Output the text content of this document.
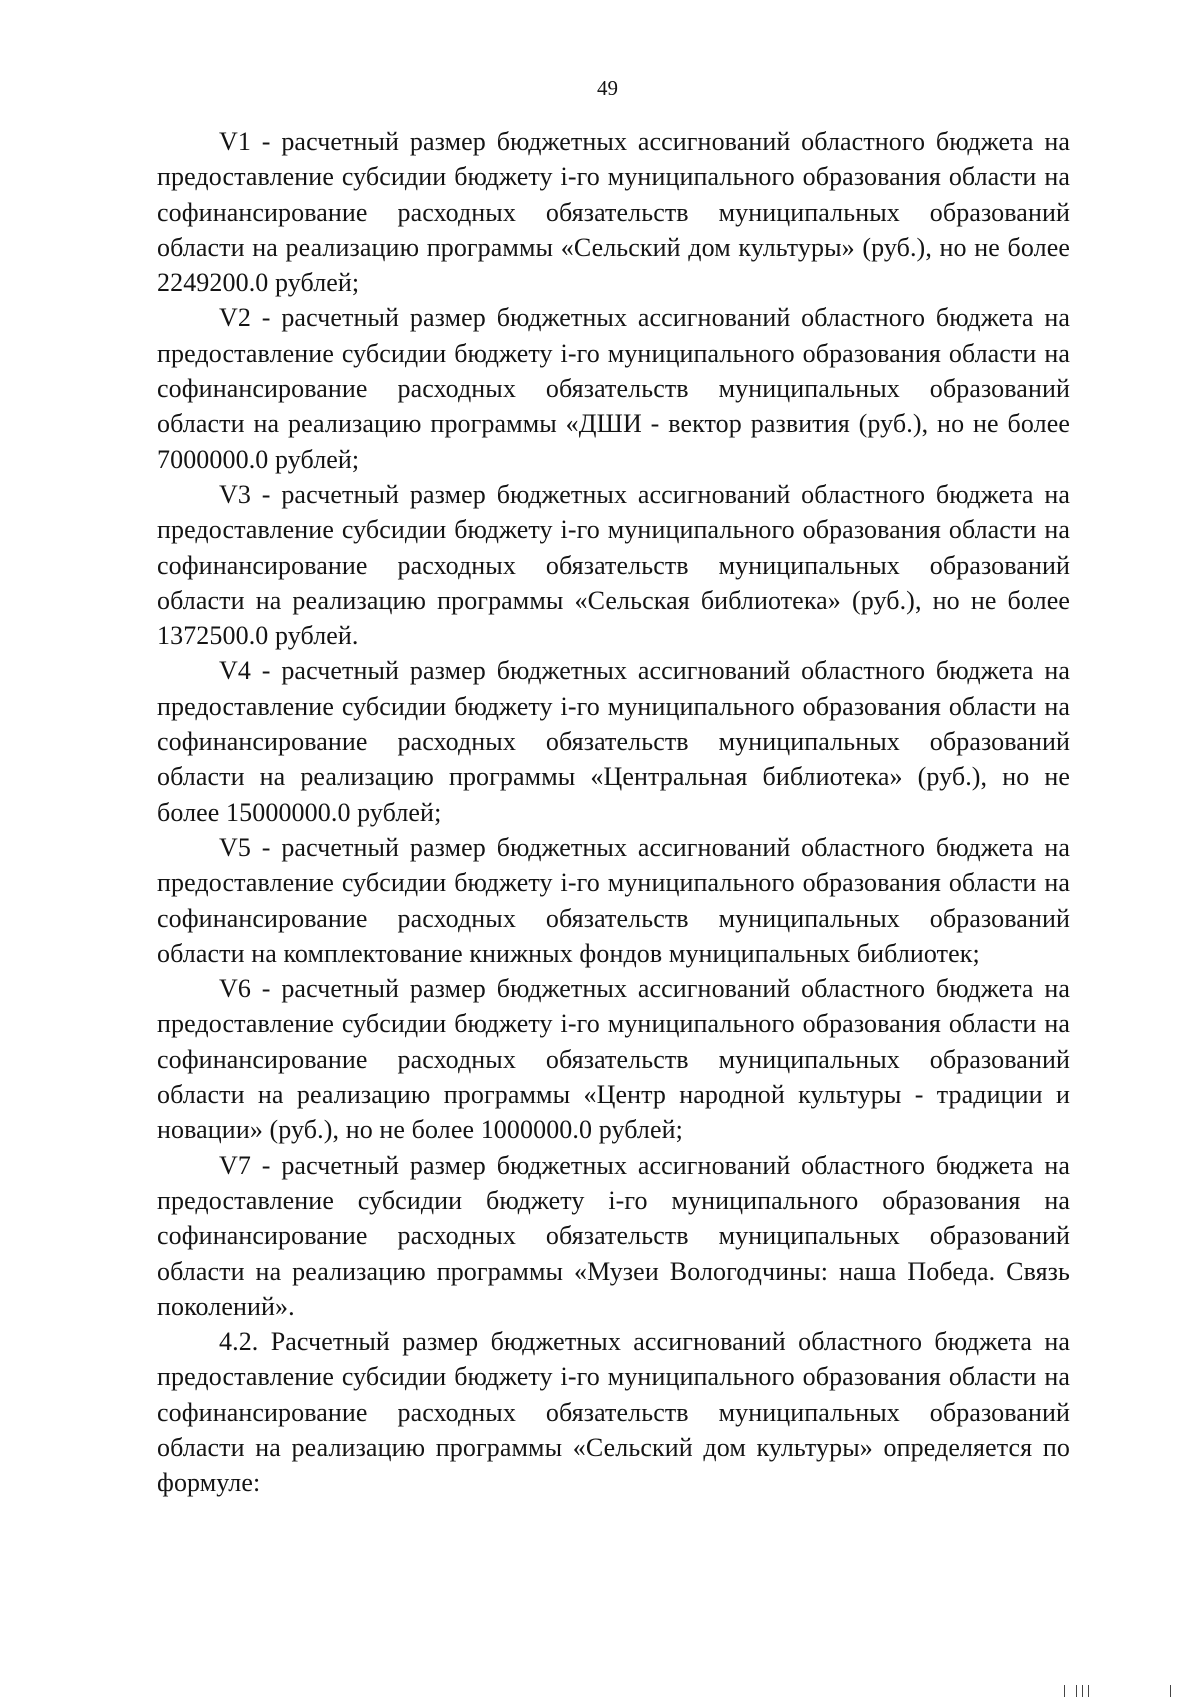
49

V1 - расчетный размер бюджетных ассигнований областного бюджета на предоставление субсидии бюджету i-го муниципального образования области на софинансирование расходных обязательств муниципальных образований области на реализацию программы «Сельский дом культуры» (руб.), но не более 2249200.0 рублей;

V2 - расчетный размер бюджетных ассигнований областного бюджета на предоставление субсидии бюджету i-го муниципального образования области на софинансирование расходных обязательств муниципальных образований области на реализацию программы «ДШИ - вектор развития (руб.), но не более 7000000.0 рублей;

V3 - расчетный размер бюджетных ассигнований областного бюджета на предоставление субсидии бюджету i-го муниципального образования области на софинансирование расходных обязательств муниципальных образований области на реализацию программы «Сельская библиотека» (руб.), но не более 1372500.0 рублей.

V4 - расчетный размер бюджетных ассигнований областного бюджета на предоставление субсидии бюджету i-го муниципального образования области на софинансирование расходных обязательств муниципальных образований области на реализацию программы «Центральная библиотека» (руб.), но не более 15000000.0 рублей;

V5 - расчетный размер бюджетных ассигнований областного бюджета на предоставление субсидии бюджету i-го муниципального образования области на софинансирование расходных обязательств муниципальных образований области на комплектование книжных фондов муниципальных библиотек;

V6 - расчетный размер бюджетных ассигнований областного бюджета на предоставление субсидии бюджету i-го муниципального образования области на софинансирование расходных обязательств муниципальных образований области на реализацию программы «Центр народной культуры - традиции и новации» (руб.), но не более 1000000.0 рублей;

V7 - расчетный размер бюджетных ассигнований областного бюджета на предоставление субсидии бюджету i-го муниципального образования на софинансирование расходных обязательств муниципальных образований области на реализацию программы «Музеи Вологодчины: наша Победа. Связь поколений».

4.2. Расчетный размер бюджетных ассигнований областного бюджета на предоставление субсидии бюджету i-го муниципального образования области на софинансирование расходных обязательств муниципальных образований области на реализацию программы «Сельский дом культуры» определяется по формуле:
